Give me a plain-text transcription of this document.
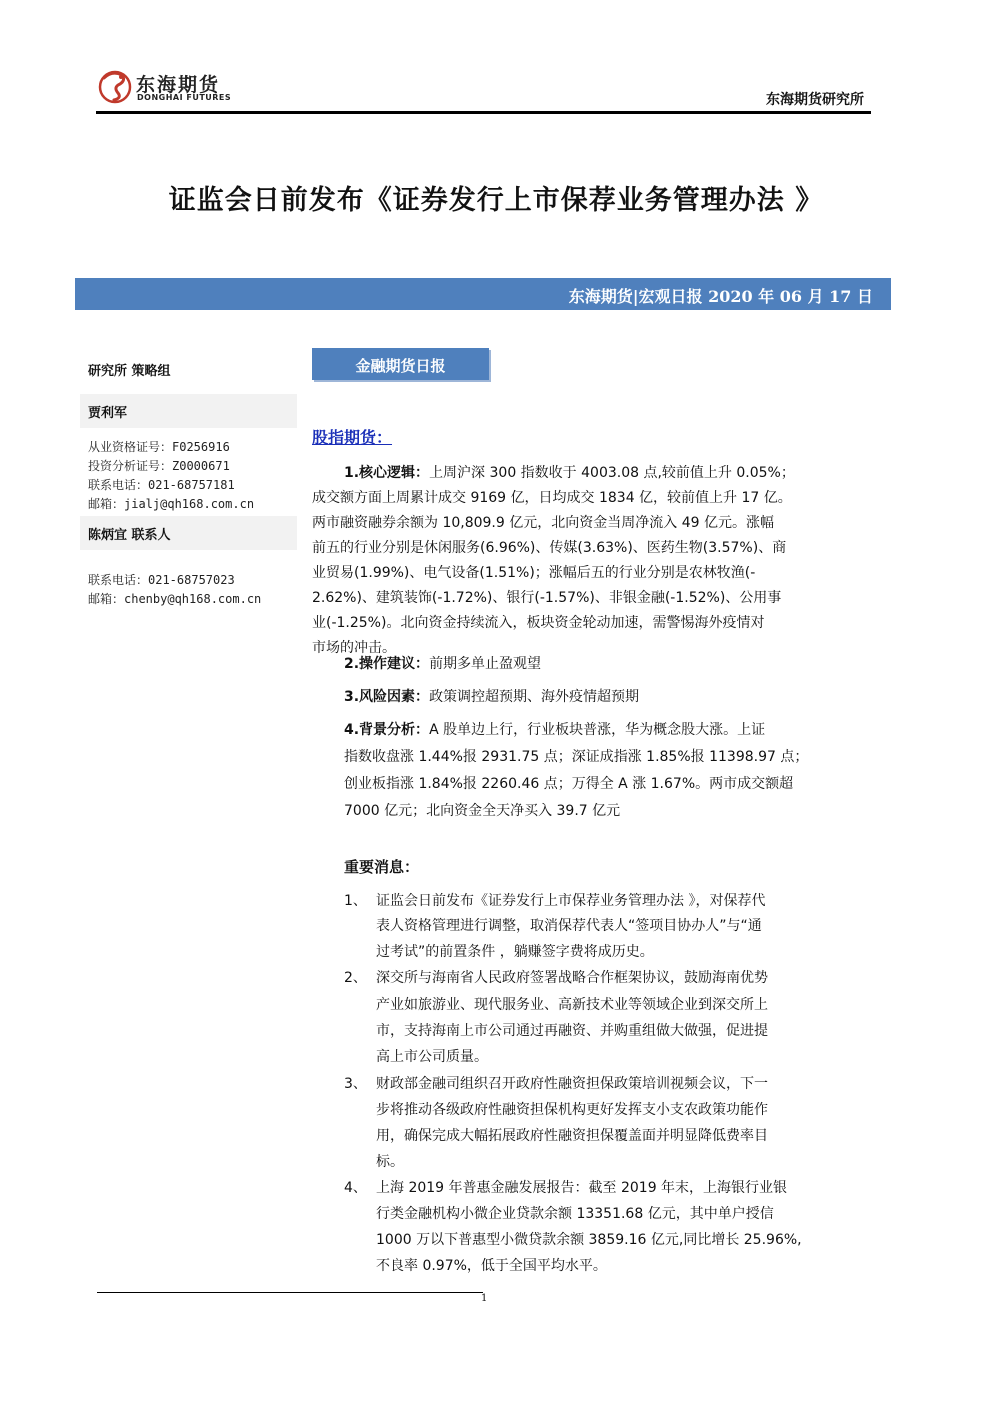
东海期货
DONGHAI FUTURES	东海期货研究所
证监会日前发布《证券发行上市保荐业务管理办法 》
东海期货|宏观日报 2020 年 06 月 17 日
研究所 策略组
贾利军
从业资格证号：F0256916
投资分析证号：Z0000671
联系电话：021-68757181
邮箱：jialj@qh168.com.cn
陈炳宜 联系人
联系电话：021-68757023
邮箱：chenby@qh168.com.cn
金融期货日报
股指期货：
1.核心逻辑：上周沪深 300 指数收于 4003.08 点,较前值上升 0.05%；
成交额方面上周累计成交 9169 亿，日均成交 1834 亿，较前值上升 17 亿。
两市融资融券余额为 10,809.9 亿元，北向资金当周净流入 49 亿元。涨幅
前五的行业分别是休闲服务(6.96%)、传媒(3.63%)、医药生物(3.57%)、商
业贸易(1.99%)、电气设备(1.51%)；涨幅后五的行业分别是农林牧渔(-
2.62%)、建筑装饰(-1.72%)、银行(-1.57%)、非银金融(-1.52%)、公用事
业(-1.25%)。北向资金持续流入，板块资金轮动加速，需警惕海外疫情对
市场的冲击。
2.操作建议：前期多单止盈观望
3.风险因素：政策调控超预期、海外疫情超预期
4.背景分析：A 股单边上行，行业板块普涨，华为概念股大涨。上证
指数收盘涨 1.44%报 2931.75 点；深证成指涨 1.85%报 11398.97 点；
创业板指涨 1.84%报 2260.46 点；万得全 A 涨 1.67%。两市成交额超
7000 亿元；北向资金全天净买入 39.7 亿元
重要消息：
1、 证监会日前发布《证券发行上市保荐业务管理办法 》，对保荐代
表人资格管理进行调整，取消保荐代表人“签项目协办人”与“通
过考试”的前置条件 ，躺赚签字费将成历史。
2、 深交所与海南省人民政府签署战略合作框架协议，鼓励海南优势
产业如旅游业、现代服务业、高新技术业等领域企业到深交所上
市，支持海南上市公司通过再融资、并购重组做大做强，促进提
高上市公司质量。
3、 财政部金融司组织召开政府性融资担保政策培训视频会议，下一
步将推动各级政府性融资担保机构更好发挥支小支农政策功能作
用，确保完成大幅拓展政府性融资担保覆盖面并明显降低费率目
标。
4、 上海 2019 年普惠金融发展报告：截至 2019 年末，上海银行业银
行类金融机构小微企业贷款余额 13351.68 亿元，其中单户授信
1000 万以下普惠型小微贷款余额 3859.16 亿元,同比增长 25.96%,
不良率 0.97%，低于全国平均水平。
1
